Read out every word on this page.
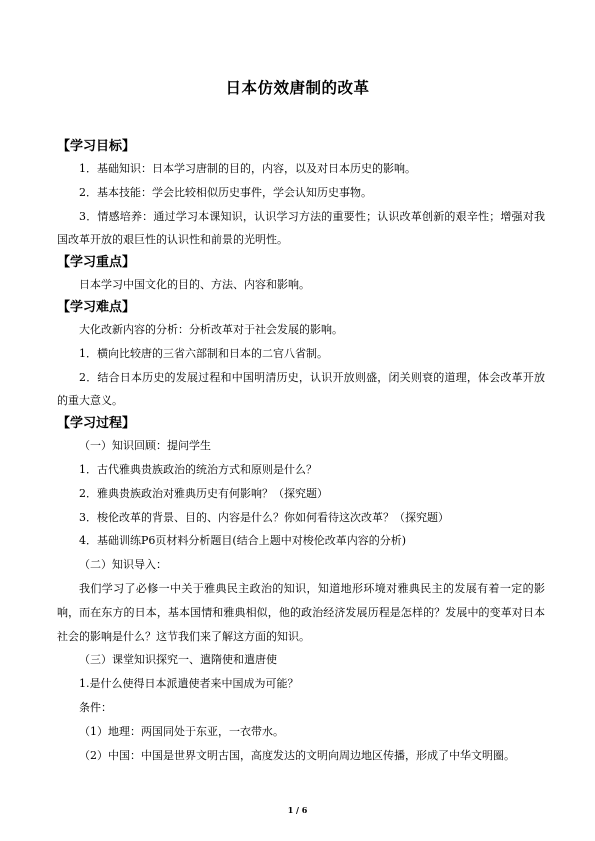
日本仿效唐制的改革
【学习目标】
1．基础知识：日本学习唐制的目的，内容，以及对日本历史的影响。
2．基本技能：学会比较相似历史事件，学会认知历史事物。
3．情感培养：通过学习本课知识，认识学习方法的重要性；认识改革创新的艰辛性；增强对我国改革开放的艰巨性的认识性和前景的光明性。
【学习重点】
日本学习中国文化的目的、方法、内容和影响。
【学习难点】
大化改新内容的分析：分析改革对于社会发展的影响。
1．横向比较唐的三省六部制和日本的二官八省制。
2．结合日本历史的发展过程和中国明清历史，认识开放则盛，闭关则衰的道理，体会改革开放的重大意义。
【学习过程】
（一）知识回顾：提问学生
1．古代雅典贵族政治的统治方式和原则是什么？
2．雅典贵族政治对雅典历史有何影响？（探究题）
3．梭伦改革的背景、目的、内容是什么？你如何看待这次改革？（探究题）
4．基础训练P6页材料分析题目(结合上题中对梭伦改革内容的分析)
（二）知识导入：
我们学习了必修一中关于雅典民主政治的知识，知道地形环境对雅典民主的发展有着一定的影响，而在东方的日本，基本国情和雅典相似，他的政治经济发展历程是怎样的？发展中的变革对日本社会的影响是什么？这节我们来了解这方面的知识。
（三）课堂知识探究一、遣隋使和遣唐使
1.是什么使得日本派遣使者来中国成为可能？
条件：
（1）地理：两国同处于东亚，一衣带水。
（2）中国：中国是世界文明古国，高度发达的文明向周边地区传播，形成了中华文明圈。
1 / 6
